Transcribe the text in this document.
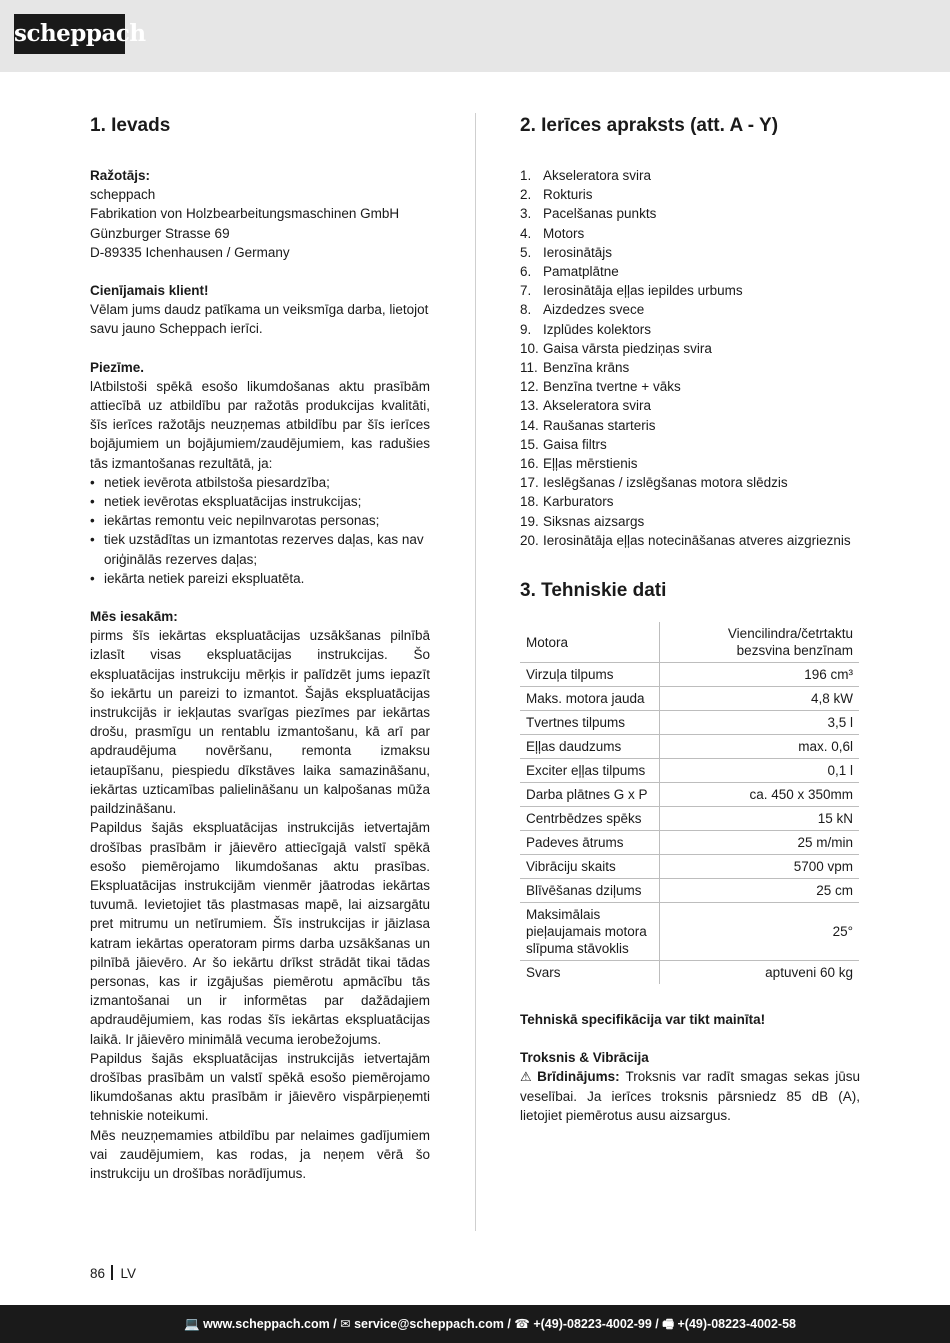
scheppach
1. Ievads

Ražotājs:

scheppach

Fabrikation von Holzbearbeitungsmaschinen GmbH

Günzburger Strasse 69

D-89335 Ichenhausen / Germany

Cienījamais klient!

Vēlam jums daudz patīkama un veiksmīga darba, lietojot savu jauno Scheppach ierīci.

Piezīme.

lAtbilstoši spēkā esošo likumdošanas aktu prasībām attiecībā uz atbildību par ražotās produkcijas kvalitāti, šīs ierīces ražotājs neuzņemas atbildību par šīs ierīces bojājumiem un bojājumiem/zaudējumiem, kas radušies tās izmantošanas rezultātā, ja:

• netiek ievērota atbilstoša piesardzība;
• netiek ievērotas ekspluatācijas instrukcijas;
• iekārtas remontu veic nepilnvarotas personas;
• tiek uzstādītas un izmantotas rezerves daļas, kas nav oriģinālās rezerves daļas;
• iekārta netiek pareizi ekspluatēta.

Mēs iesakām:

pirms šīs iekārtas ekspluatācijas uzsākšanas pilnībā izlasīt visas ekspluatācijas instrukcijas. Šo ekspluatācijas instrukciju mērķis ir palīdzēt jums iepazīt šo iekārtu un pareizi to izmantot. Šajās ekspluatācijas instrukcijās ir iekļautas svarīgas piezīmes par iekārtas drošu, prasmīgu un rentablu izmantošanu, kā arī par apdraudējuma novēršanu, remonta izmaksu ietaupīšanu, piespiedu dīkstāves laika samazināšanu, iekārtas uzticamības palielināšanu un kalpošanas mūža paildzināšanu.

Papildus šajās ekspluatācijas instrukcijās ietvertajām drošības prasībām ir jāievēro attiecīgajā valstī spēkā esošo piemērojamo likumdošanas aktu prasības. Ekspluatācijas instrukcijām vienmēr jāatrodas iekārtas tuvumā. Ievietojiet tās plastmasas mapē, lai aizsargātu pret mitrumu un netīrumiem. Šīs instrukcijas ir jāizlasa katram iekārtas operatoram pirms darba uzsākšanas un pilnībā jāievēro. Ar šo iekārtu drīkst strādāt tikai tādas personas, kas ir izgājušas piemērotu apmācību tās izmantošanai un ir informētas par dažādajiem apdraudējumiem, kas rodas šīs iekārtas ekspluatācijas laikā. Ir jāievēro minimālā vecuma ierobežojums.

Papildus šajās ekspluatācijas instrukcijās ietvertajām drošības prasībām un valstī spēkā esošo piemērojamo likumdošanas aktu prasībām ir jāievēro vispārpieņemti tehniskie noteikumi.

Mēs neuzņemamies atbildību par nelaimes gadījumiem vai zaudējumiem, kas rodas, ja neņem vērā šo instrukciju un drošības norādījumus.

2. Ierīces apraksts (att. A - Y)
1. Akseleratora svira
2. Rokturis
3. Pacelšanas punkts
4. Motors
5. Ierosinātājs
6. Pamatplātne
7. Ierosinātāja eļļas iepildes urbums
8. Aizdedzes svece
9. Izplūdes kolektors
10. Gaisa vārsta piedziņas svira
11. Benzīna krāns
12. Benzīna tvertne + vāks
13. Akseleratora svira
14. Raušanas starteris
15. Gaisa filtrs
16. Eļļas mērstienis
17. Ieslēgšanas / izslēgšanas motora slēdzis
18. Karburators
19. Siksnas aizsargs
20. Ierosinātāja eļļas notecināšanas atveres aizgrieznis
3. Tehniskie dati
Motora	Viencilindra/četrtaktu bezsvina benzīnam
Virzuļa tilpums	196 cm³
Maks. motora jauda	4,8 kW
Tvertnes tilpums	3,5 l
Eļļas daudzums	max. 0,6l
Exciter eļļas tilpums	0,1 l
Darba plātnes G x P	ca. 450 x 350mm
Centrbēdzes spēks	15 kN
Padeves ātrums	25 m/min
Vibrāciju skaits	5700 vpm
Blīvēšanas dziļums	25 cm
Maksimālais pieļaujamais motora slīpuma stāvoklis	25°
Svars	aptuveni 60 kg

Tehniskā specifikācija var tikt mainīta!

Troksnis & Vibrācija

⚠ Brīdinājums: Troksnis var radīt smagas sekas jūsu veselībai. Ja ierīces troksnis pārsniedz 85 dB (A), lietojiet piemērotus ausu aizsargus.

86 LV
💻 www.scheppach.com / ✉ service@scheppach.com / ☎ +(49)-08223-4002-99 / 🖷 +(49)-08223-4002-58
